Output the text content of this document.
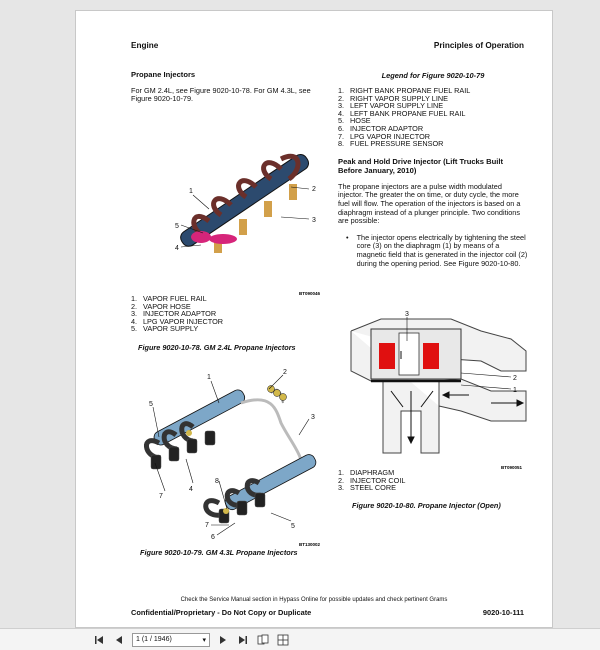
Engine	Principles of Operation
Propane Injectors
For GM 2.4L, see Figure 9020-10-78. For GM 4.3L, see Figure 9020-10-79.
1	2
3
4
5
BT090046
1. VAPOR FUEL RAIL
2. VAPOR HOSE
3. INJECTOR ADAPTOR
4. LPG VAPOR INJECTOR
5. VAPOR SUPPLY
Figure 9020-10-78. GM 2.4L Propane Injectors
1
2
3
4
5
5
6
7
7
8
BT130002
Figure 9020-10-79. GM 4.3L Propane Injectors
Legend for Figure 9020-10-79
1. RIGHT BANK PROPANE FUEL RAIL
2. RIGHT VAPOR SUPPLY LINE
3. LEFT VAPOR SUPPLY LINE
4. LEFT BANK PROPANE FUEL RAIL
5. HOSE
6. INJECTOR ADAPTOR
7. LPG VAPOR INJECTOR
8. FUEL PRESSURE SENSOR
Peak and Hold Drive Injector (Lift Trucks Built Before January, 2010)
The propane injectors are a pulse width modulated injector. The greater the on time, or duty cycle, the more fuel will flow. The operation of the injectors is based on a diaphragm instead of a plunger principle. Two conditions are possible:
• The injector opens electrically by tightening the steel core (3) on the diaphragm (1) by means of a magnetic field that is generated in the injector coil (2) during the opening period. See Figure 9020-10-80.
3
2
1
BT090051
1. DIAPHRAGM
2. INJECTOR COIL
3. STEEL CORE
Figure 9020-10-80. Propane Injector (Open)
Check the Service Manual section in Hypass Online for possible updates and check pertinent Grams
Confidential/Proprietary - Do Not Copy or Duplicate	9020-10-111
1 (1 / 1946)	▾
